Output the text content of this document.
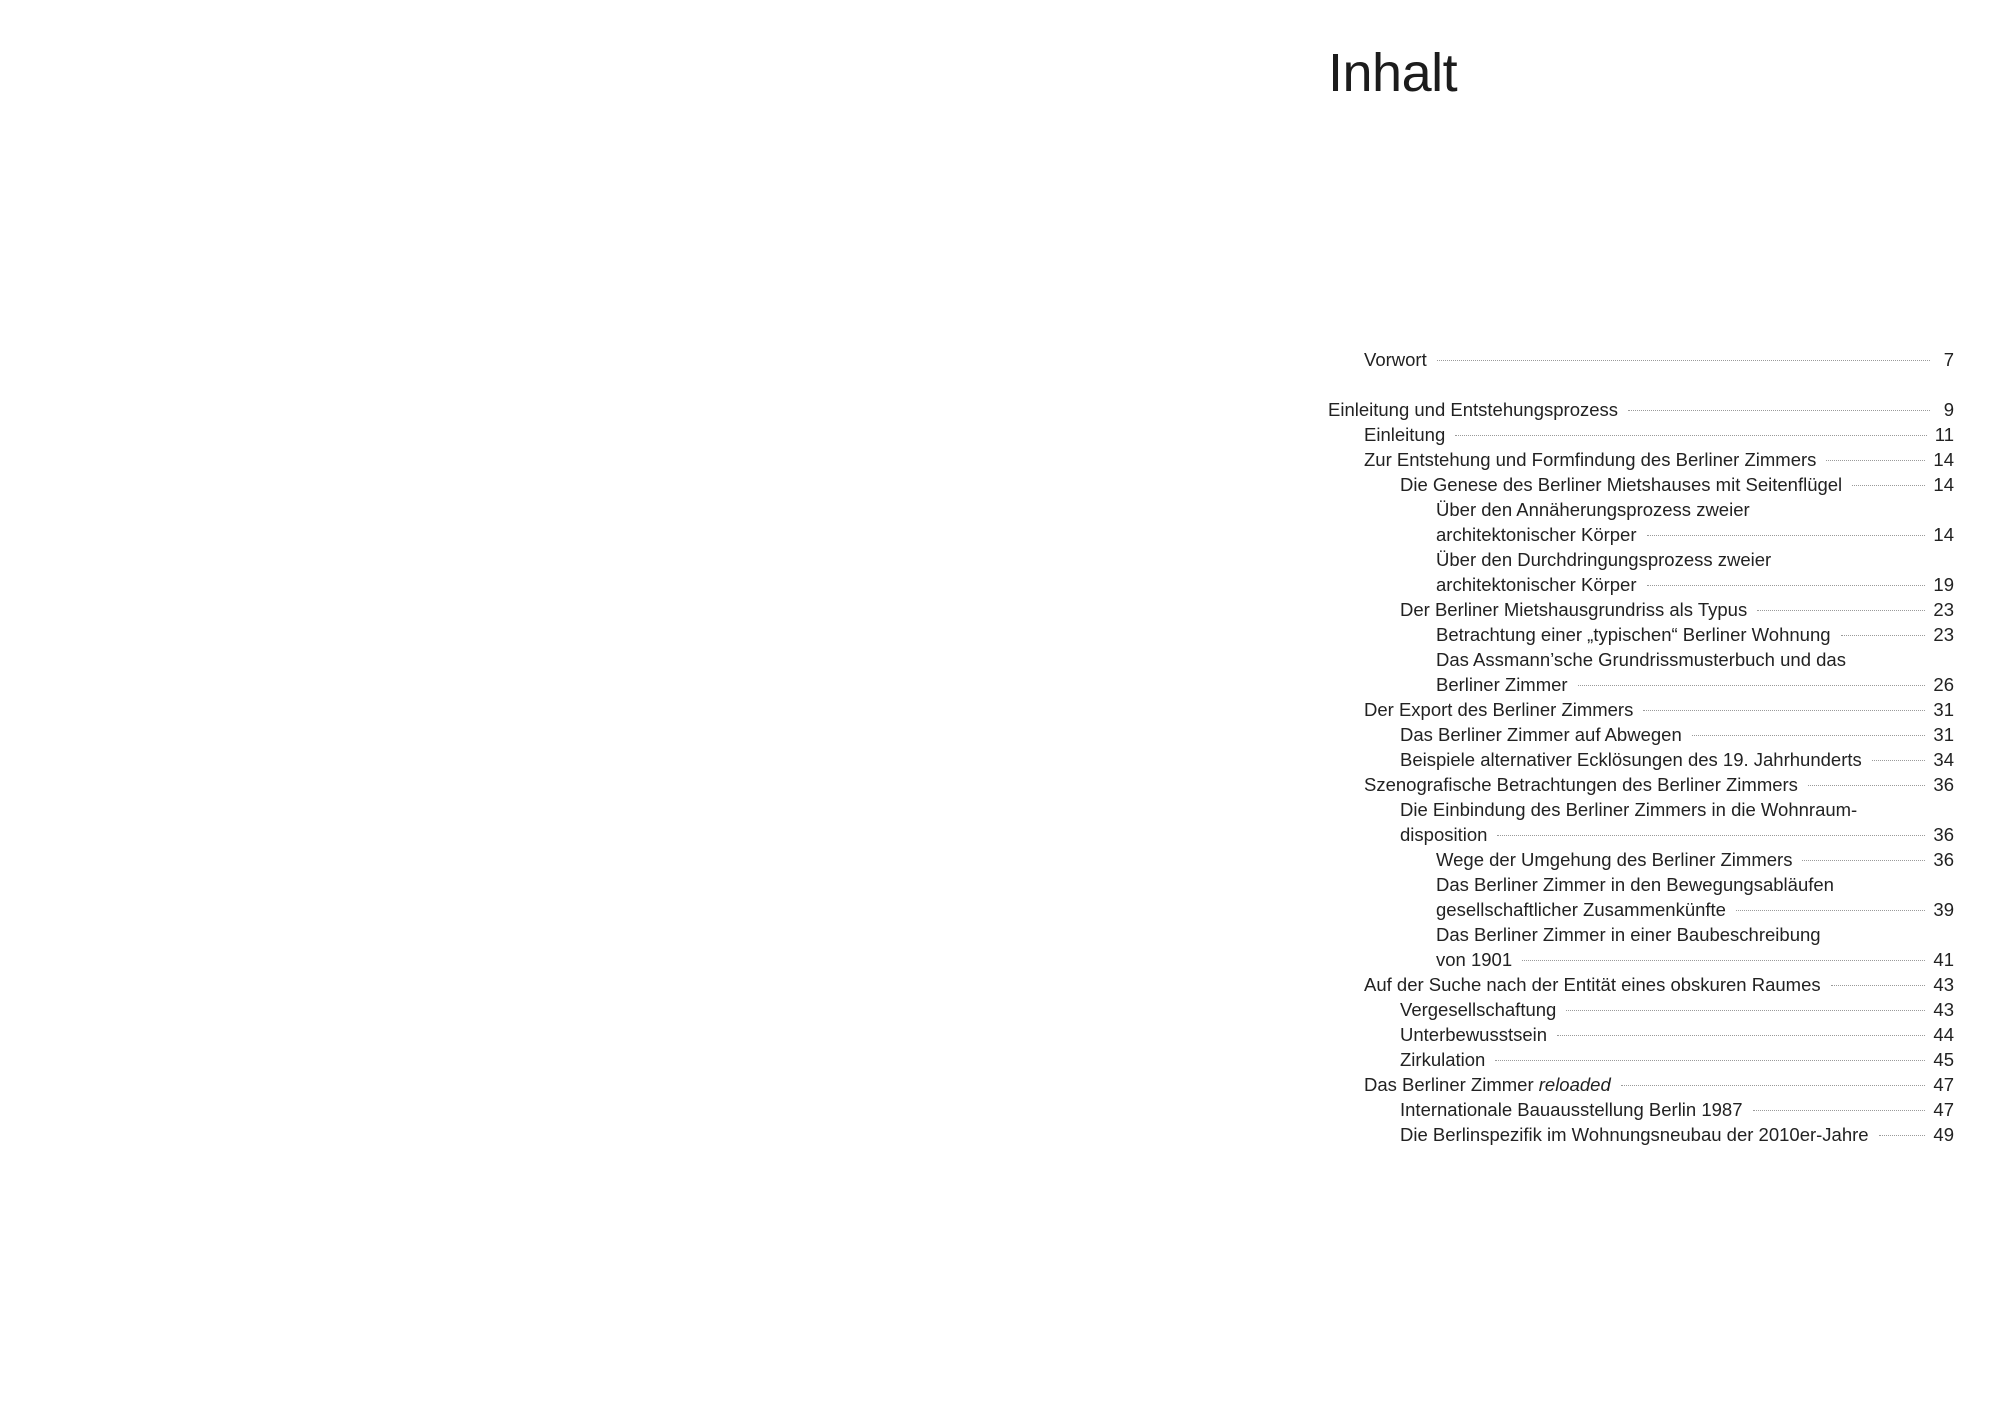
Inhalt
Vorwort	7
Einleitung und Entstehungsprozess	9
Einleitung	11
Zur Entstehung und Formfindung des Berliner Zimmers	14
Die Genese des Berliner Mietshauses mit Seitenflügel	14
Über den Annäherungsprozess zweier
architektonischer Körper	14
Über den Durchdringungsprozess zweier
architektonischer Körper	19
Der Berliner Mietshausgrundriss als Typus	23
Betrachtung einer „typischen“ Berliner Wohnung	23
Das Assmann’sche Grundrissmusterbuch und das
Berliner Zimmer	26
Der Export des Berliner Zimmers	31
Das Berliner Zimmer auf Abwegen	31
Beispiele alternativer Ecklösungen des 19. Jahrhunderts	34
Szenografische Betrachtungen des Berliner Zimmers	36
Die Einbindung des Berliner Zimmers in die Wohnraum-
disposition	36
Wege der Umgehung des Berliner Zimmers	36
Das Berliner Zimmer in den Bewegungsabläufen
gesellschaftlicher Zusammenkünfte	39
Das Berliner Zimmer in einer Baubeschreibung
von 1901	41
Auf der Suche nach der Entität eines obskuren Raumes	43
Vergesellschaftung	43
Unterbewusstsein	44
Zirkulation	45
Das Berliner Zimmer reloaded	47
Internationale Bauausstellung Berlin 1987	47
Die Berlinspezifik im Wohnungsneubau der 2010er-Jahre	49
